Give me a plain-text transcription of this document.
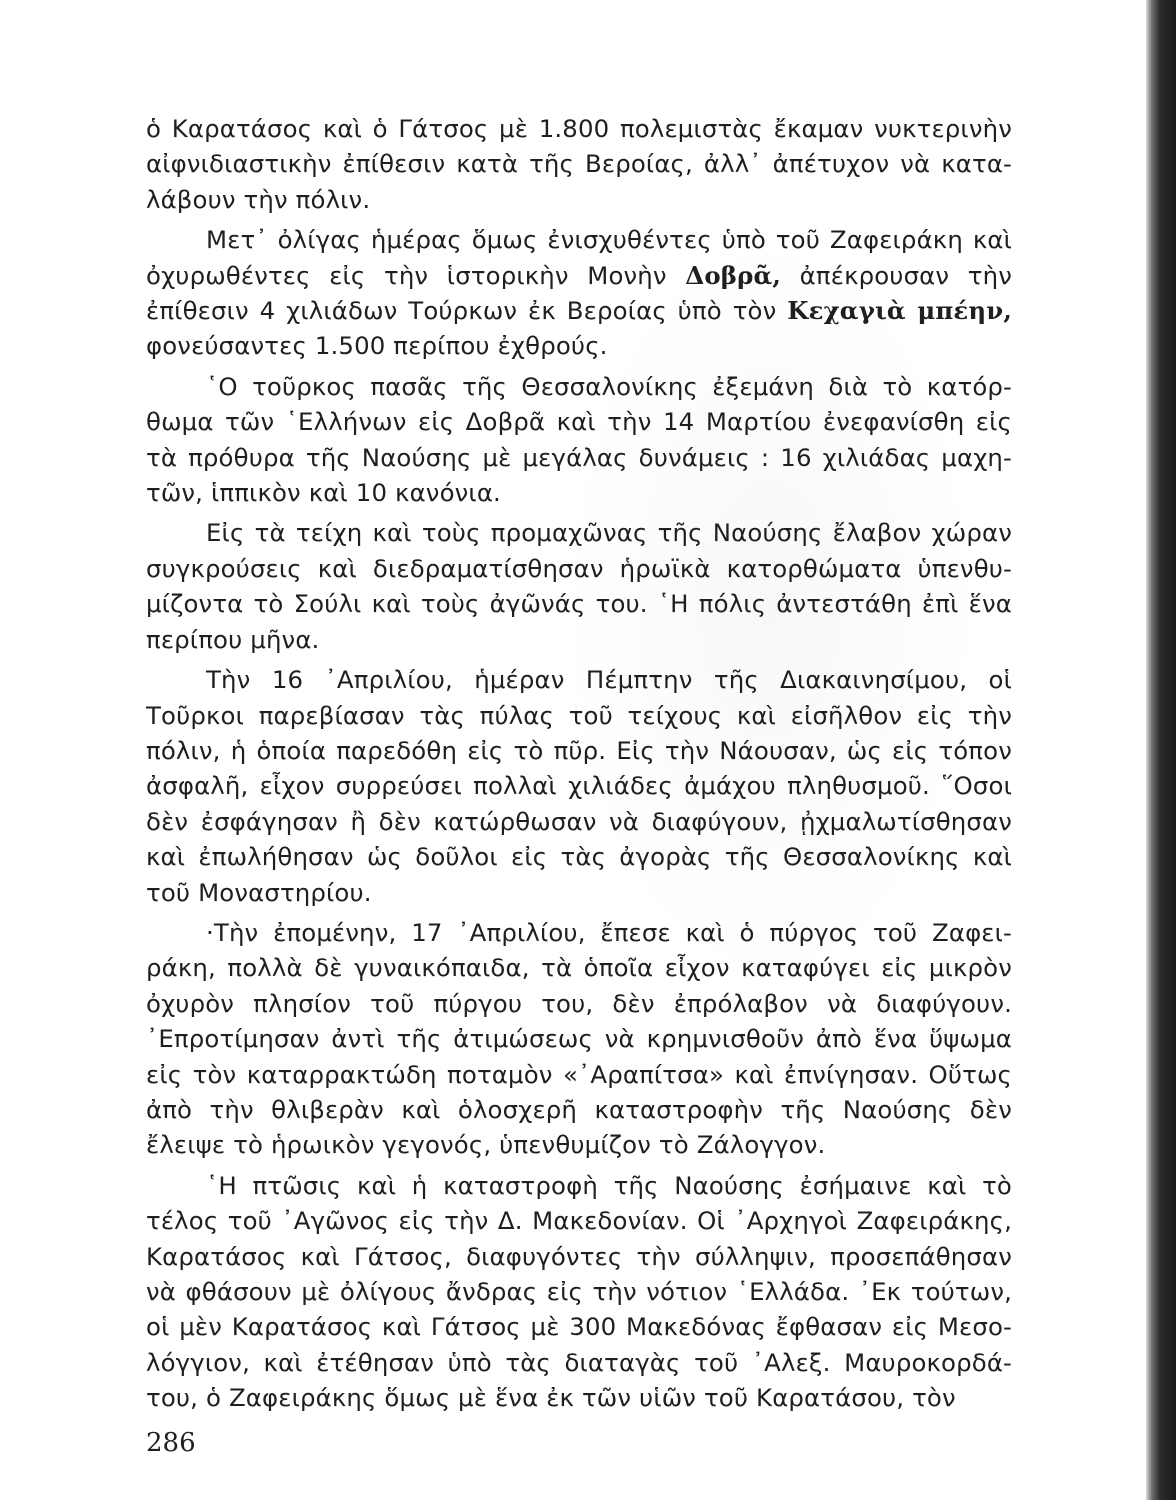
ὁ Καρατάσος καὶ ὁ Γάτσος μὲ 1.800 πολεμιστὰς ἔκαμαν νυκτερινὴν αἰφνιδιαστικὴν ἐπίθεσιν κατὰ τῆς Βεροίας, ἀλλ᾽ ἀπέτυχον νὰ κατα-λάβουν τὴν πόλιν.

Μετ᾽ ὀλίγας ἡμέρας ὅμως ἐνισχυθέντες ὑπὸ τοῦ Ζαφειράκη καὶ ὀχυρωθέντες εἰς τὴν ἱστορικὴν Μονὴν Δοβρᾶ, ἀπέκρουσαν τὴν ἐπίθεσιν 4 χιλιάδων Τούρκων ἐκ Βεροίας ὑπὸ τὸν Κεχαγιὰ μπέην, φονεύσαντες 1.500 περίπου ἐχθρούς.

῾Ο τοῦρκος πασᾶς τῆς Θεσσαλονίκης ἐξεμάνη διὰ τὸ κατόρ-θωμα τῶν ῾Ελλήνων εἰς Δοβρᾶ καὶ τὴν 14 Μαρτίου ἐνεφανίσθη εἰς τὰ πρόθυρα τῆς Ναούσης μὲ μεγάλας δυνάμεις : 16 χιλιάδας μαχη-τῶν, ἱππικὸν καὶ 10 κανόνια.

Εἰς τὰ τείχη καὶ τοὺς προμαχῶνας τῆς Ναούσης ἔλαβον χώραν συγκρούσεις καὶ διεδραματίσθησαν ἡρωϊκὰ κατορθώματα ὑπενθυ-μίζοντα τὸ Σούλι καὶ τοὺς ἀγῶνάς του. ῾Η πόλις ἀντεστάθη ἐπὶ ἕνα περίπου μῆνα.

Τὴν 16 ᾽Απριλίου, ἡμέραν Πέμπτην τῆς Διακαινησίμου, οἱ Τοῦρκοι παρεβίασαν τὰς πύλας τοῦ τείχους καὶ εἰσῆλθον εἰς τὴν πόλιν, ἡ ὁποία παρεδόθη εἰς τὸ πῦρ. Εἰς τὴν Νάουσαν, ὡς εἰς τόπον ἀσφαλῆ, εἶχον συρρεύσει πολλαὶ χιλιάδες ἀμάχου πληθυσμοῦ. ῞Οσοι δὲν ἐσφάγησαν ἢ δὲν κατώρθωσαν νὰ διαφύγουν, ᾐχμαλωτίσθησαν καὶ ἐπωλήθησαν ὡς δοῦλοι εἰς τὰς ἀγορὰς τῆς Θεσσαλονίκης καὶ τοῦ Μοναστηρίου.

·Τὴν ἐπομένην, 17 ᾽Απριλίου, ἔπεσε καὶ ὁ πύργος τοῦ Ζαφει-ράκη, πολλὰ δὲ γυναικόπαιδα, τὰ ὁποῖα εἶχον καταφύγει εἰς μικρὸν ὀχυρὸν πλησίον τοῦ πύργου του, δὲν ἐπρόλαβον νὰ διαφύγουν. ᾽Επροτίμησαν ἀντὶ τῆς ἀτιμώσεως νὰ κρημνισθοῦν ἀπὸ ἕνα ὕψωμα εἰς τὸν καταρρακτώδη ποταμὸν «᾽Αραπίτσα» καὶ ἐπνίγησαν. Οὕτως ἀπὸ τὴν θλιβερὰν καὶ ὁλοσχερῆ καταστροφὴν τῆς Ναούσης δὲν ἔλειψε τὸ ἡρωικὸν γεγονός, ὑπενθυμίζον τὸ Ζάλογγον.

῾Η πτῶσις καὶ ἡ καταστροφὴ τῆς Ναούσης ἐσήμαινε καὶ τὸ τέλος τοῦ ᾽Αγῶνος εἰς τὴν Δ. Μακεδονίαν. Οἱ ᾽Αρχηγοὶ Ζαφειράκης, Καρατάσος καὶ Γάτσος, διαφυγόντες τὴν σύλληψιν, προσεπάθησαν νὰ φθάσουν μὲ ὀλίγους ἄνδρας εἰς τὴν νότιον ῾Ελλάδα. ᾽Εκ τούτων, οἱ μὲν Καρατάσος καὶ Γάτσος μὲ 300 Μακεδόνας ἔφθασαν εἰς Μεσο-λόγγιον, καὶ ἐτέθησαν ὑπὸ τὰς διαταγὰς τοῦ ᾽Αλεξ. Μαυροκορδά-του, ὁ Ζαφειράκης ὅμως μὲ ἕνα ἐκ τῶν υἱῶν τοῦ Καρατάσου, τὸν

286
